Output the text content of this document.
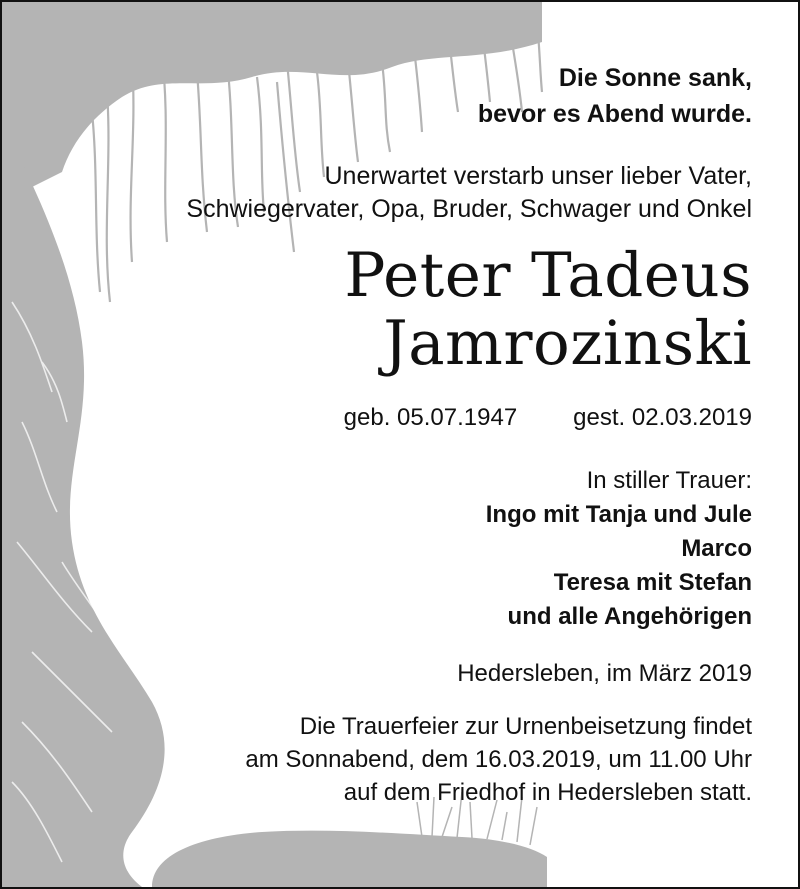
Die Sonne sank,
bevor es Abend wurde.
Unerwartet verstarb unser lieber Vater,
Schwiegervater, Opa, Bruder, Schwager und Onkel
Peter Tadeus
Jamrozinski
geb. 05.07.1947 gest. 02.03.2019
In stiller Trauer:
Ingo mit Tanja und Jule
Marco
Teresa mit Stefan
und alle Angehörigen
Hedersleben, im März 2019
Die Trauerfeier zur Urnenbeisetzung findet
am Sonnabend, dem 16.03.2019, um 11.00 Uhr
auf dem Friedhof in Hedersleben statt.
